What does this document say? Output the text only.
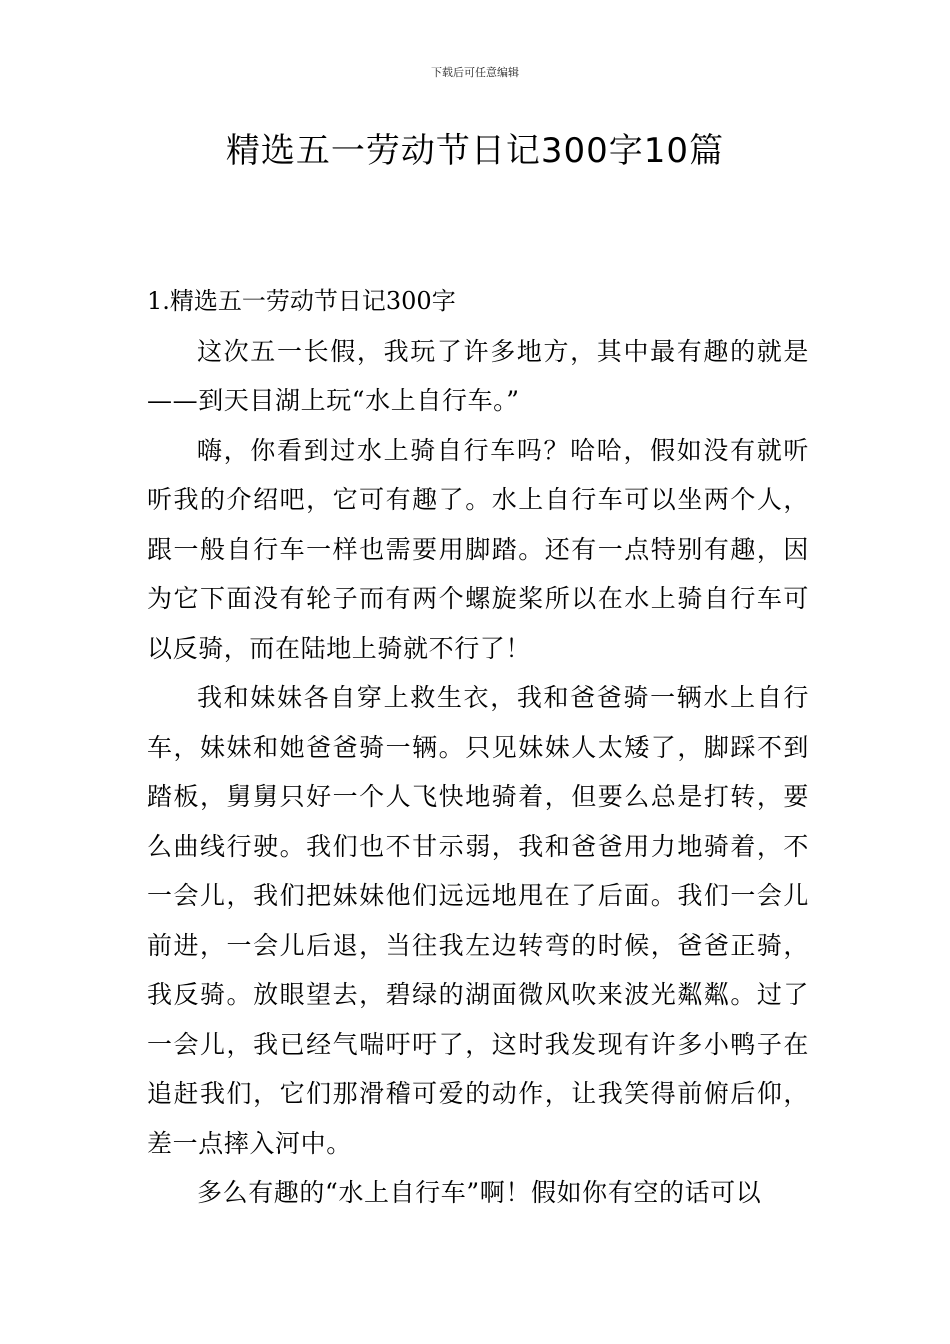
下载后可任意编辑
精选五一劳动节日记300字10篇
1.精选五一劳动节日记300字

这次五一长假，我玩了许多地方，其中最有趣的就是——到天目湖上玩“水上自行车。”

嗨，你看到过水上骑自行车吗？哈哈，假如没有就听听我的介绍吧，它可有趣了。水上自行车可以坐两个人，跟一般自行车一样也需要用脚踏。还有一点特别有趣，因为它下面没有轮子而有两个螺旋桨所以在水上骑自行车可以反骑，而在陆地上骑就不行了！

我和妹妹各自穿上救生衣，我和爸爸骑一辆水上自行车，妹妹和她爸爸骑一辆。只见妹妹人太矮了，脚踩不到踏板，舅舅只好一个人飞快地骑着，但要么总是打转，要么曲线行驶。我们也不甘示弱，我和爸爸用力地骑着，不一会儿，我们把妹妹他们远远地甩在了后面。我们一会儿前进，一会儿后退，当往我左边转弯的时候，爸爸正骑，我反骑。放眼望去，碧绿的湖面微风吹来波光粼粼。过了一会儿，我已经气喘吁吁了，这时我发现有许多小鸭子在追赶我们，它们那滑稽可爱的动作，让我笑得前俯后仰，差一点摔入河中。

多么有趣的“水上自行车”啊！假如你有空的话可以
